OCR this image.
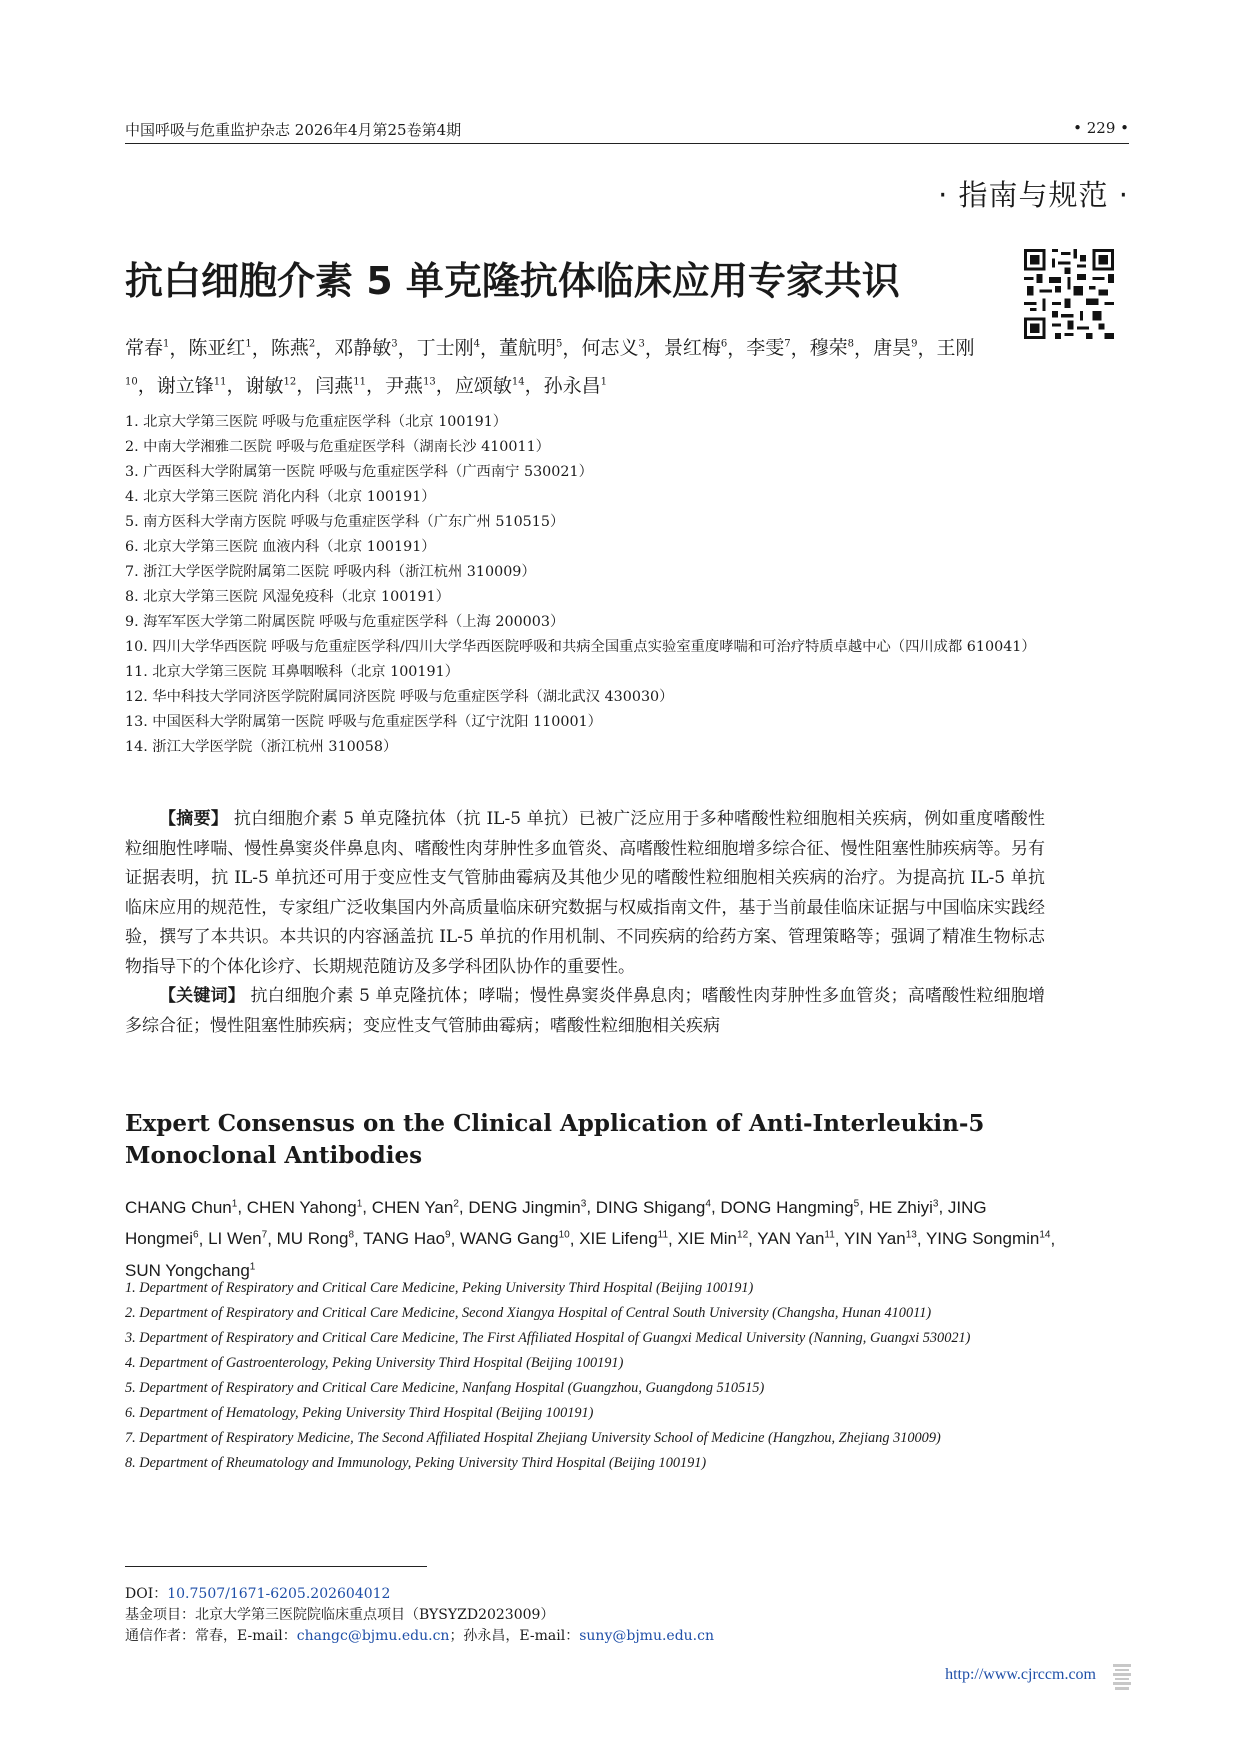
中国呼吸与危重监护杂志 2026年4月第25卷第4期	• 229 •
· 指南与规范 ·
抗白细胞介素 5 单克隆抗体临床应用专家共识
常春$^1$，陈亚红$^1$，陈燕$^2$，邓静敏$^3$，丁士刚$^4$，董航明$^5$，何志义$^3$，景红梅$^6$，李雯$^7$，穆荣$^8$，唐昊$^9$，王刚$^{10}$，谢立锋$^{11}$，谢敏$^{12}$，闫燕$^{11}$，尹燕$^{13}$，应颂敏$^{14}$，孙永昌$^1$
1. 北京大学第三医院 呼吸与危重症医学科（北京 100191）
2. 中南大学湘雅二医院 呼吸与危重症医学科（湖南长沙 410011）
3. 广西医科大学附属第一医院 呼吸与危重症医学科（广西南宁 530021）
4. 北京大学第三医院 消化内科（北京 100191）
5. 南方医科大学南方医院 呼吸与危重症医学科（广东广州 510515）
6. 北京大学第三医院 血液内科（北京 100191）
7. 浙江大学医学院附属第二医院 呼吸内科（浙江杭州 310009）
8. 北京大学第三医院 风湿免疫科（北京 100191）
9. 海军军医大学第二附属医院 呼吸与危重症医学科（上海 200003）
10. 四川大学华西医院 呼吸与危重症医学科/四川大学华西医院呼吸和共病全国重点实验室重度哮喘和可治疗特质卓越中心（四川成都 610041）
11. 北京大学第三医院 耳鼻咽喉科（北京 100191）
12. 华中科技大学同济医学院附属同济医院 呼吸与危重症医学科（湖北武汉 430030）
13. 中国医科大学附属第一医院 呼吸与危重症医学科（辽宁沈阳 110001）
14. 浙江大学医学院（浙江杭州 310058）

【摘要】 抗白细胞介素 5 单克隆抗体（抗 IL-5 单抗）已被广泛应用于多种嗜酸性粒细胞相关疾病，例如重度嗜酸性粒细胞性哮喘、慢性鼻窦炎伴鼻息肉、嗜酸性肉芽肿性多血管炎、高嗜酸性粒细胞增多综合征、慢性阻塞性肺疾病等。另有证据表明，抗 IL-5 单抗还可用于变应性支气管肺曲霉病及其他少见的嗜酸性粒细胞相关疾病的治疗。为提高抗 IL-5 单抗临床应用的规范性，专家组广泛收集国内外高质量临床研究数据与权威指南文件，基于当前最佳临床证据与中国临床实践经验，撰写了本共识。本共识的内容涵盖抗 IL-5 单抗的作用机制、不同疾病的给药方案、管理策略等；强调了精准生物标志物指导下的个体化诊疗、长期规范随访及多学科团队协作的重要性。

【关键词】 抗白细胞介素 5 单克隆抗体；哮喘；慢性鼻窦炎伴鼻息肉；嗜酸性肉芽肿性多血管炎；高嗜酸性粒细胞增多综合征；慢性阻塞性肺疾病；变应性支气管肺曲霉病；嗜酸性粒细胞相关疾病

Expert Consensus on the Clinical Application of Anti-Interleukin-5 Monoclonal Antibodies
CHANG Chun$^1$, CHEN Yahong$^1$, CHEN Yan$^2$, DENG Jingmin$^3$, DING Shigang$^4$, DONG Hangming$^5$, HE Zhiyi$^3$, JING Hongmei$^6$, LI Wen$^7$, MU Rong$^8$, TANG Hao$^9$, WANG Gang$^{10}$, XIE Lifeng$^{11}$, XIE Min$^{12}$, YAN Yan$^{11}$, YIN Yan$^{13}$, YING Songmin$^{14}$, SUN Yongchang$^1$
1. Department of Respiratory and Critical Care Medicine, Peking University Third Hospital (Beijing 100191)
2. Department of Respiratory and Critical Care Medicine, Second Xiangya Hospital of Central South University (Changsha, Hunan 410011)
3. Department of Respiratory and Critical Care Medicine, The First Affiliated Hospital of Guangxi Medical University (Nanning, Guangxi 530021)
4. Department of Gastroenterology, Peking University Third Hospital (Beijing 100191)
5. Department of Respiratory and Critical Care Medicine, Nanfang Hospital (Guangzhou, Guangdong 510515)
6. Department of Hematology, Peking University Third Hospital (Beijing 100191)
7. Department of Respiratory Medicine, The Second Affiliated Hospital Zhejiang University School of Medicine (Hangzhou, Zhejiang 310009)
8. Department of Rheumatology and Immunology, Peking University Third Hospital (Beijing 100191)
DOI：10.7507/1671-6205.202604012
基金项目：北京大学第三医院院临床重点项目（BYSYZD2023009）
通信作者：常春，E-mail：changc@bjmu.edu.cn；孙永昌，E-mail：suny@bjmu.edu.cn
http://www.cjrccm.com
